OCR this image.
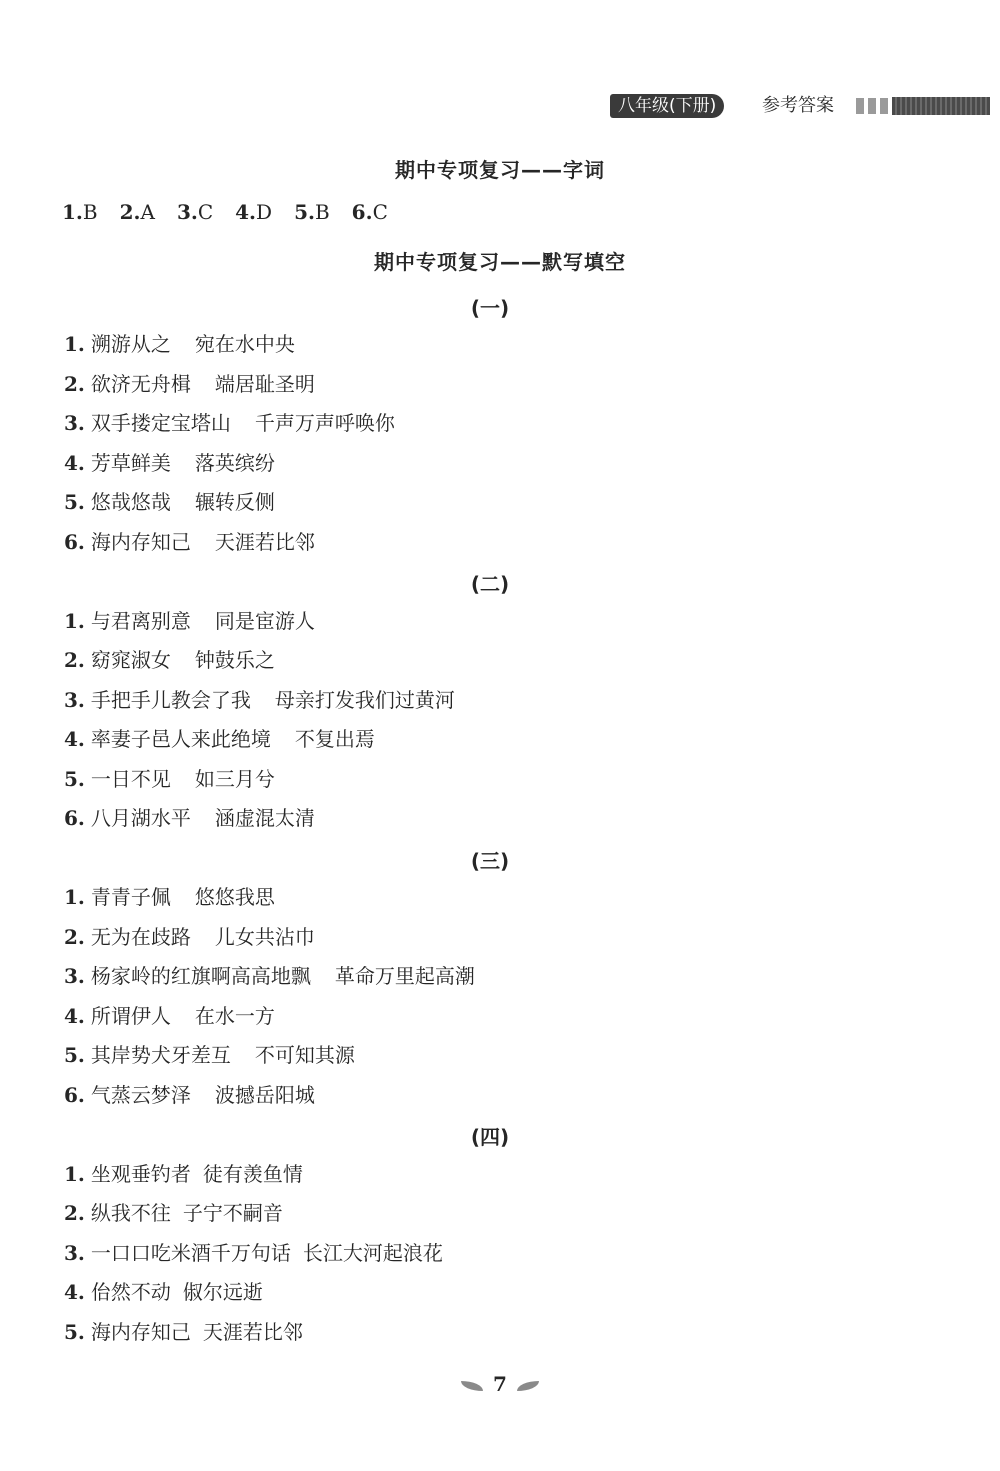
八年级(下册)	参考答案
期中专项复习——字词
1.B 2.A 3.C 4.D 5.B 6.C
期中专项复习——默写填空
(一)
1. 溯游从之 宛在水中央
2. 欲济无舟楫 端居耻圣明
3. 双手搂定宝塔山 千声万声呼唤你
4. 芳草鲜美 落英缤纷
5. 悠哉悠哉 辗转反侧
6. 海内存知己 天涯若比邻
(二)
1. 与君离别意 同是宦游人
2. 窈窕淑女 钟鼓乐之
3. 手把手儿教会了我 母亲打发我们过黄河
4. 率妻子邑人来此绝境 不复出焉
5. 一日不见 如三月兮
6. 八月湖水平 涵虚混太清
(三)
1. 青青子佩 悠悠我思
2. 无为在歧路 儿女共沾巾
3. 杨家岭的红旗啊高高地飘 革命万里起高潮
4. 所谓伊人 在水一方
5. 其岸势犬牙差互 不可知其源
6. 气蒸云梦泽 波撼岳阳城
(四)
1. 坐观垂钓者 徒有羡鱼情
2. 纵我不往 子宁不嗣音
3. 一口口吃米酒千万句话 长江大河起浪花
4. 佁然不动 俶尔远逝
5. 海内存知己 天涯若比邻
7
